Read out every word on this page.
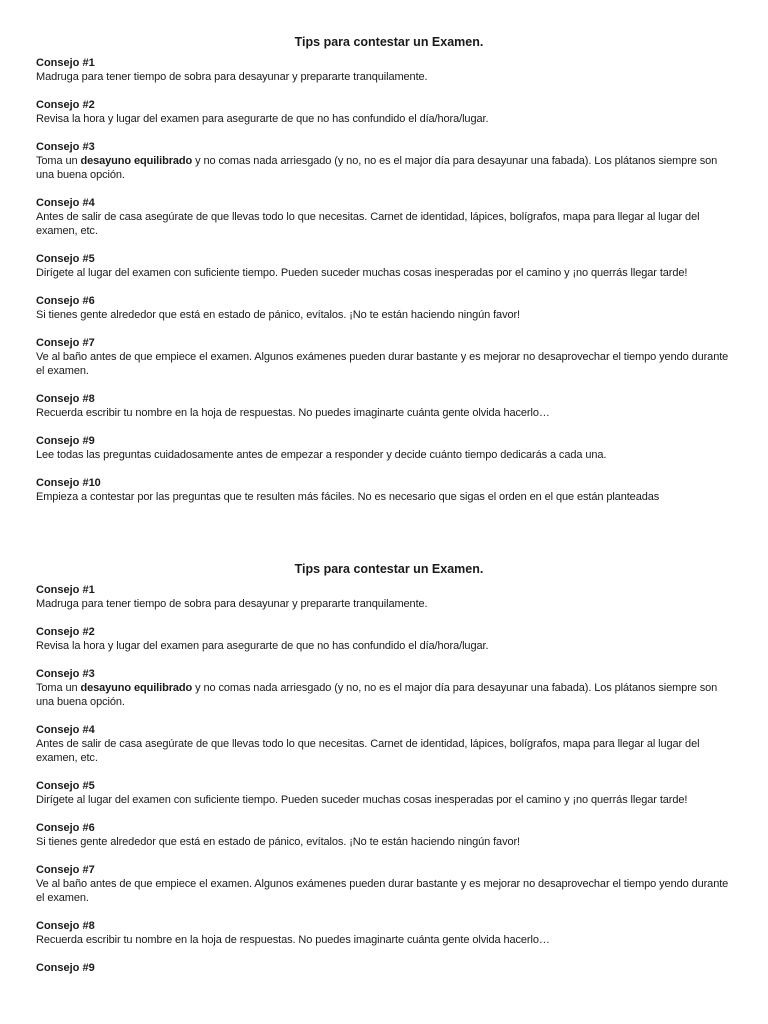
Tips para contestar un Examen.
Consejo #1
Madruga para tener tiempo de sobra para desayunar y prepararte tranquilamente.
Consejo #2
Revisa la hora y lugar del examen para asegurarte de que no has confundido el día/hora/lugar.
Consejo #3
Toma un desayuno equilibrado y no comas nada arriesgado (y no, no es el major día para desayunar una fabada). Los plátanos siempre son una buena opción.
Consejo #4
Antes de salir de casa asegúrate de que llevas todo lo que necesitas. Carnet de identidad, lápices, bolígrafos, mapa para llegar al lugar del examen, etc.
Consejo #5
Dirígete al lugar del examen con suficiente tiempo. Pueden suceder muchas cosas inesperadas por el camino y ¡no querrás llegar tarde!
Consejo #6
Si tienes gente alrededor que está en estado de pánico, evítalos. ¡No te están haciendo ningún favor!
Consejo #7
Ve al baño antes de que empiece el examen. Algunos exámenes pueden durar bastante y es mejorar no desaprovechar el tiempo yendo durante el examen.
Consejo #8
Recuerda escribir tu nombre en la hoja de respuestas. No puedes imaginarte cuánta gente olvida hacerlo…
Consejo #9
Lee todas las preguntas cuidadosamente antes de empezar a responder y decide cuánto tiempo dedicarás a cada una.
Consejo #10
Empieza a contestar por las preguntas que te resulten más fáciles. No es necesario que sigas el orden en el que están planteadas
Tips para contestar un Examen.
Consejo #1
Madruga para tener tiempo de sobra para desayunar y prepararte tranquilamente.
Consejo #2
Revisa la hora y lugar del examen para asegurarte de que no has confundido el día/hora/lugar.
Consejo #3
Toma un desayuno equilibrado y no comas nada arriesgado (y no, no es el major día para desayunar una fabada). Los plátanos siempre son una buena opción.
Consejo #4
Antes de salir de casa asegúrate de que llevas todo lo que necesitas. Carnet de identidad, lápices, bolígrafos, mapa para llegar al lugar del examen, etc.
Consejo #5
Dirígete al lugar del examen con suficiente tiempo. Pueden suceder muchas cosas inesperadas por el camino y ¡no querrás llegar tarde!
Consejo #6
Si tienes gente alrededor que está en estado de pánico, evítalos. ¡No te están haciendo ningún favor!
Consejo #7
Ve al baño antes de que empiece el examen. Algunos exámenes pueden durar bastante y es mejorar no desaprovechar el tiempo yendo durante el examen.
Consejo #8
Recuerda escribir tu nombre en la hoja de respuestas. No puedes imaginarte cuánta gente olvida hacerlo…
Consejo #9
